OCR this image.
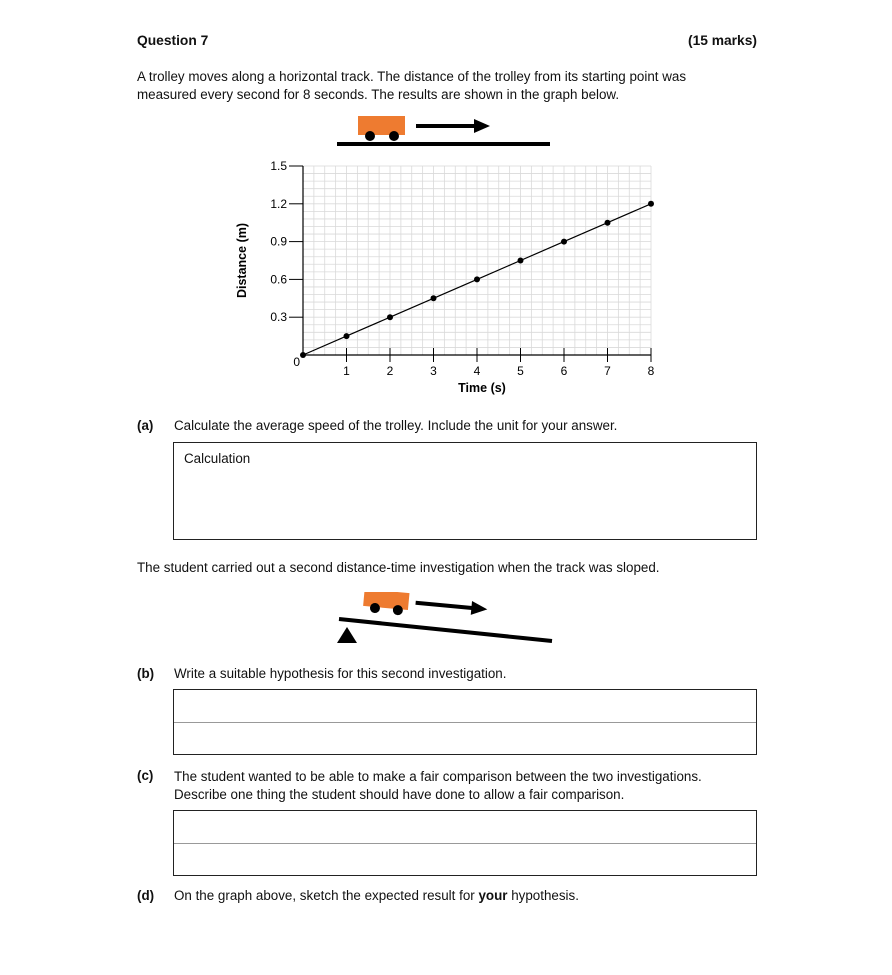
Question 7	(15 marks)
A trolley moves along a horizontal track. The distance of the trolley from its starting point was
measured every second for 8 seconds. The results are shown in the graph below.
1	2	3	4	5	6	7	8
0.3
0.6
0.9
1.2
1.5
0
Time (s)
Distance (m)
(a) Calculate the average speed of the trolley. Include the unit for your answer.
Calculation
The student carried out a second distance-time investigation when the track was sloped.
(b) Write a suitable hypothesis for this second investigation.
(c) The student wanted to be able to make a fair comparison between the two investigations.
Describe one thing the student should have done to allow a fair comparison.
(d) On the graph above, sketch the expected result for your hypothesis.
